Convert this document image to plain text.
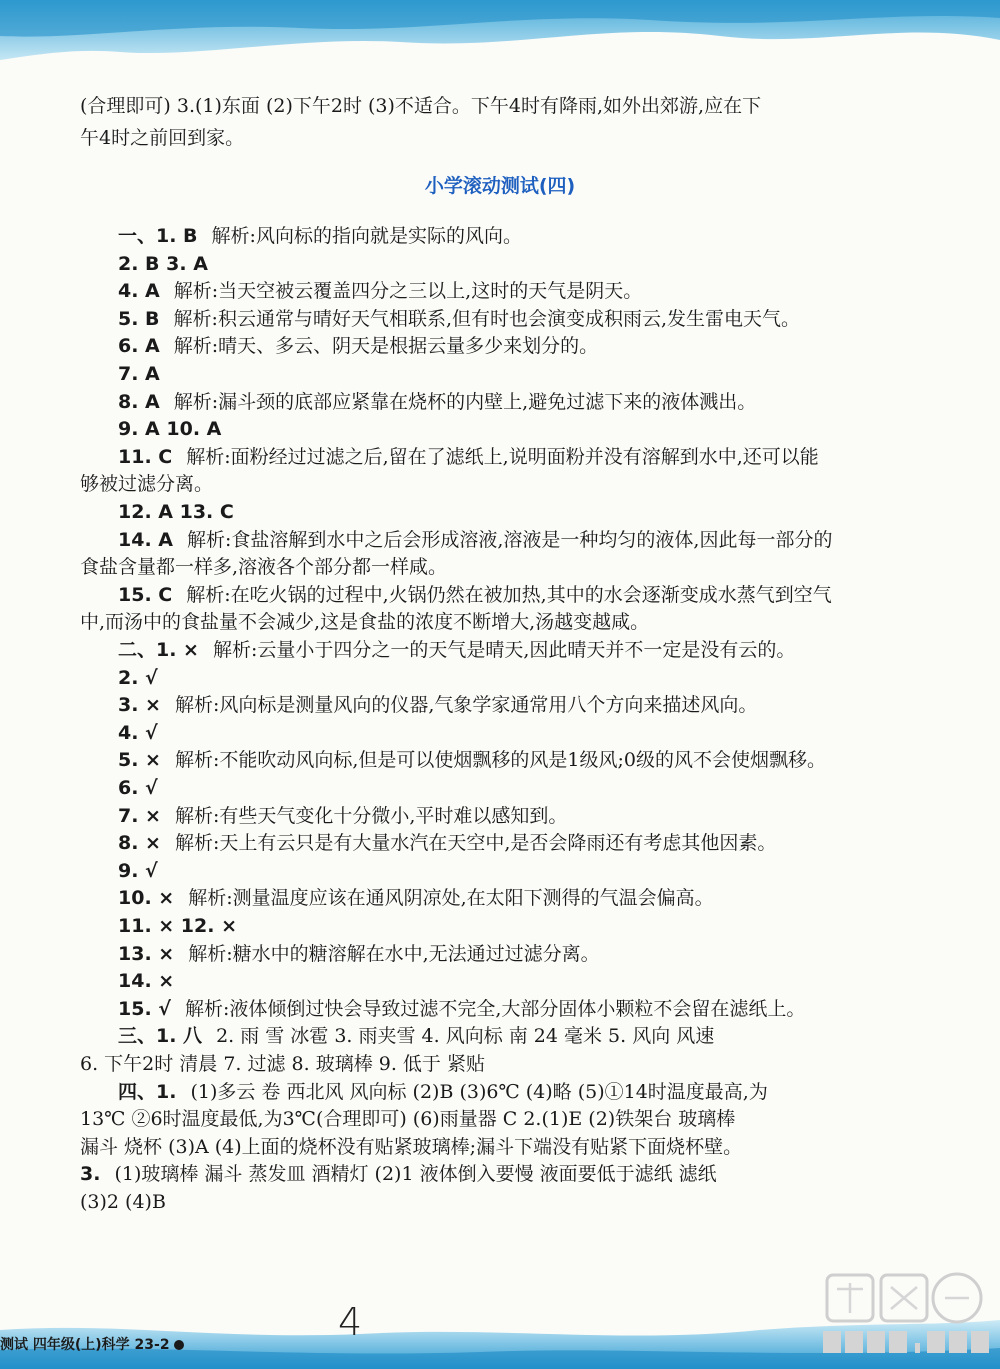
(合理即可) 3.(1)东面 (2)下午2时 (3)不适合。下午4时有降雨,如外出郊游,应在下
午4时之前回到家。
小学滚动测试(四)
一、1. B 解析:风向标的指向就是实际的风向。
2. B 3. A
4. A 解析:当天空被云覆盖四分之三以上,这时的天气是阴天。
5. B 解析:积云通常与晴好天气相联系,但有时也会演变成积雨云,发生雷电天气。
6. A 解析:晴天、多云、阴天是根据云量多少来划分的。
7. A
8. A 解析:漏斗颈的底部应紧靠在烧杯的内壁上,避免过滤下来的液体溅出。
9. A 10. A
11. C 解析:面粉经过过滤之后,留在了滤纸上,说明面粉并没有溶解到水中,还可以能
够被过滤分离。
12. A 13. C
14. A 解析:食盐溶解到水中之后会形成溶液,溶液是一种均匀的液体,因此每一部分的
食盐含量都一样多,溶液各个部分都一样咸。
15. C 解析:在吃火锅的过程中,火锅仍然在被加热,其中的水会逐渐变成水蒸气到空气
中,而汤中的食盐量不会减少,这是食盐的浓度不断增大,汤越变越咸。
二、1. × 解析:云量小于四分之一的天气是晴天,因此晴天并不一定是没有云的。
2. √
3. × 解析:风向标是测量风向的仪器,气象学家通常用八个方向来描述风向。
4. √
5. × 解析:不能吹动风向标,但是可以使烟飘移的风是1级风;0级的风不会使烟飘移。
6. √
7. × 解析:有些天气变化十分微小,平时难以感知到。
8. × 解析:天上有云只是有大量水汽在天空中,是否会降雨还有考虑其他因素。
9. √
10. × 解析:测量温度应该在通风阴凉处,在太阳下测得的气温会偏高。
11. × 12. ×
13. × 解析:糖水中的糖溶解在水中,无法通过过滤分离。
14. ×
15. √ 解析:液体倾倒过快会导致过滤不完全,大部分固体小颗粒不会留在滤纸上。
三、1. 八 2. 雨 雪 冰雹 3. 雨夹雪 4. 风向标 南 24 毫米 5. 风向 风速
6. 下午2时 清晨 7. 过滤 8. 玻璃棒 9. 低于 紧贴
四、1. (1)多云 卷 西北风 风向标 (2)B (3)6℃ (4)略 (5)①14时温度最高,为
13℃ ②6时温度最低,为3℃(合理即可) (6)雨量器 C 2.(1)E (2)铁架台 玻璃棒
漏斗 烧杯 (3)A (4)上面的烧杯没有贴紧玻璃棒;漏斗下端没有贴紧下面烧杯壁。
3. (1)玻璃棒 漏斗 蒸发皿 酒精灯 (2)1 液体倒入要慢 液面要低于滤纸 滤纸
(3)2 (4)B
测试 四年级(上)科学 23-2
4
